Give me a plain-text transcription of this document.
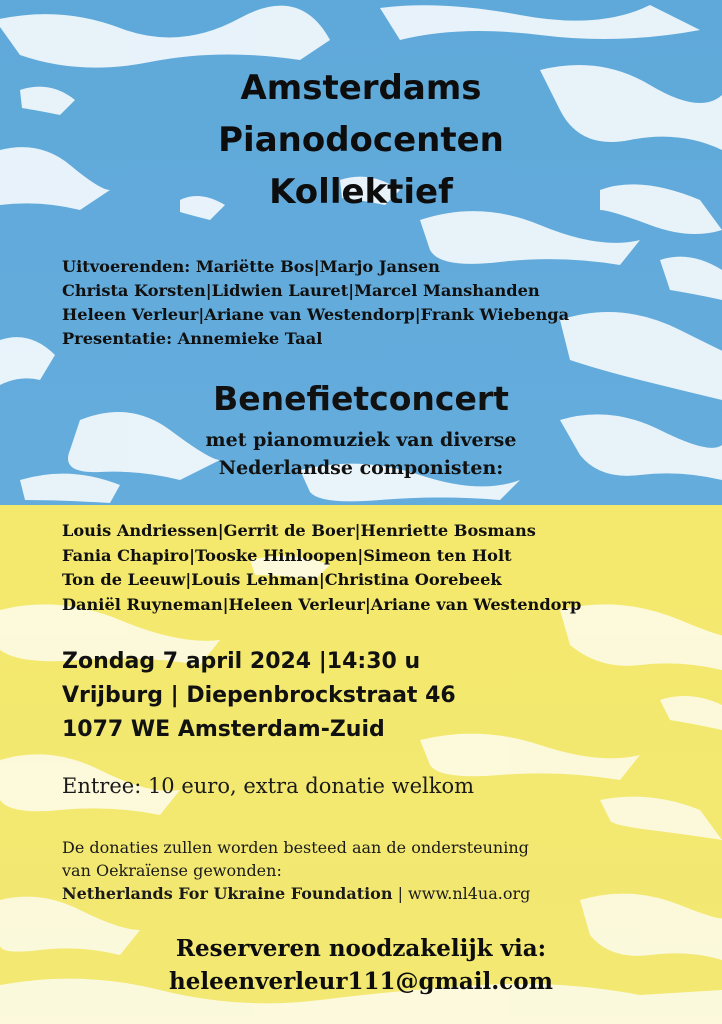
Amsterdams
Pianodocenten
Kollektief
Uitvoerenden: Mariëtte Bos|Marjo Jansen
Christa Korsten|Lidwien Lauret|Marcel Manshanden
Heleen Verleur|Ariane van Westendorp|Frank Wiebenga
Presentatie: Annemieke Taal
Benefietconcert
met pianomuziek van diverse
Nederlandse componisten:
Louis Andriessen|Gerrit de Boer|Henriette Bosmans
Fania Chapiro|Tooske Hinloopen|Simeon ten Holt
Ton de Leeuw|Louis Lehman|Christina Oorebeek
Daniël Ruyneman|Heleen Verleur|Ariane van Westendorp
Zondag 7 april 2024 |14:30 u
Vrijburg | Diepenbrockstraat 46
1077 WE Amsterdam-Zuid
Entree: 10 euro, extra donatie welkom
De donaties zullen worden besteed aan de ondersteuning
van Oekraïense gewonden:
Netherlands For Ukraine Foundation | www.nl4ua.org
Reserveren noodzakelijk via:
heleenverleur111@gmail.com
